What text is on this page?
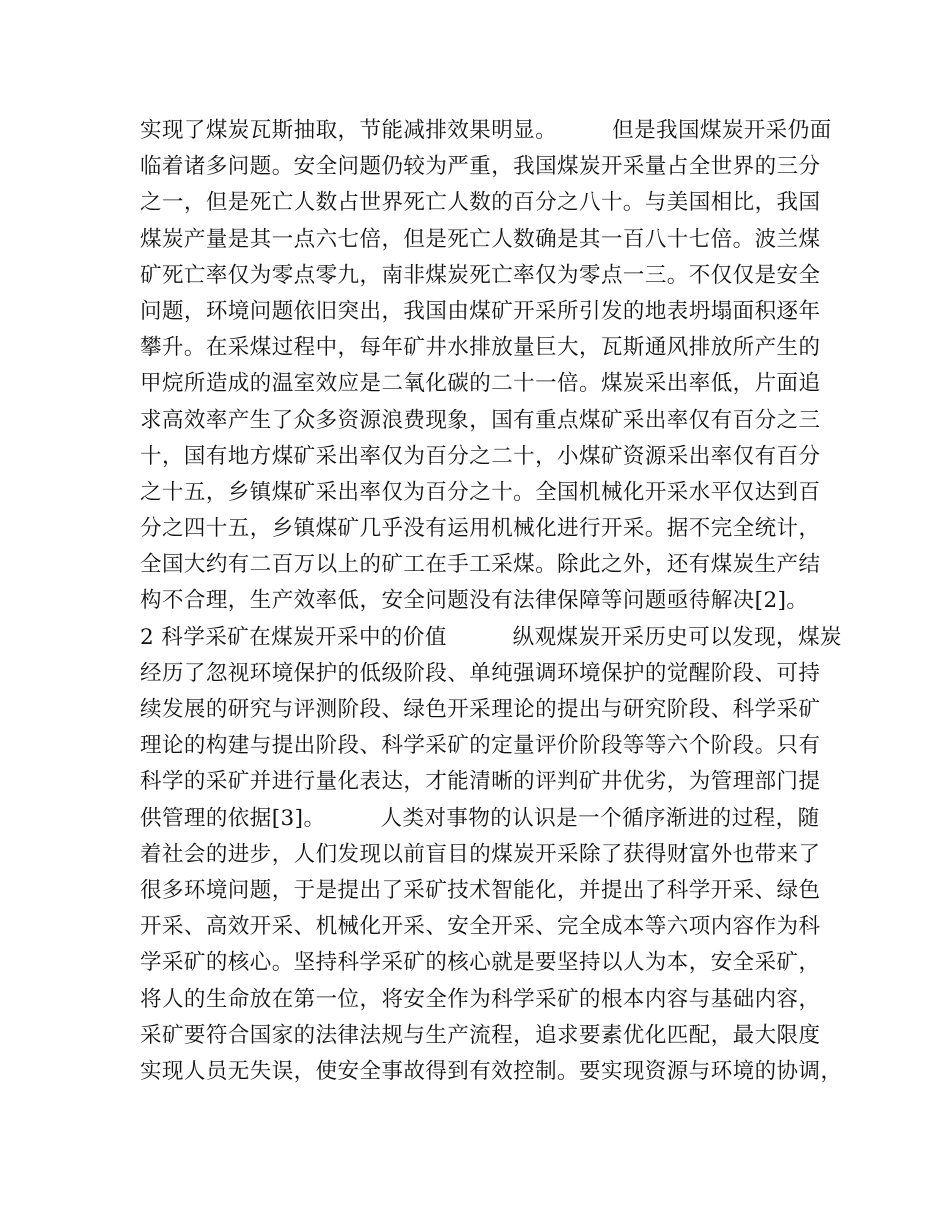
实现了煤炭瓦斯抽取，节能减排效果明显。　　　但是我国煤炭开采仍面
临着诸多问题。安全问题仍较为严重，我国煤炭开采量占全世界的三分
之一，但是死亡人数占世界死亡人数的百分之八十。与美国相比，我国
煤炭产量是其一点六七倍，但是死亡人数确是其一百八十七倍。波兰煤
矿死亡率仅为零点零九，南非煤炭死亡率仅为零点一三。不仅仅是安全
问题，环境问题依旧突出，我国由煤矿开采所引发的地表坍塌面积逐年
攀升。在采煤过程中，每年矿井水排放量巨大，瓦斯通风排放所产生的
甲烷所造成的温室效应是二氧化碳的二十一倍。煤炭采出率低，片面追
求高效率产生了众多资源浪费现象，国有重点煤矿采出率仅有百分之三
十，国有地方煤矿采出率仅为百分之二十，小煤矿资源采出率仅有百分
之十五，乡镇煤矿采出率仅为百分之十。全国机械化开采水平仅达到百
分之四十五，乡镇煤矿几乎没有运用机械化进行开采。据不完全统计，
全国大约有二百万以上的矿工在手工采煤。除此之外，还有煤炭生产结
构不合理，生产效率低，安全问题没有法律保障等问题亟待解决[2]。
2 科学采矿在煤炭开采中的价值　　　纵观煤炭开采历史可以发现，煤炭
经历了忽视环境保护的低级阶段、单纯强调环境保护的觉醒阶段、可持
续发展的研究与评测阶段、绿色开采理论的提出与研究阶段、科学采矿
理论的构建与提出阶段、科学采矿的定量评价阶段等等六个阶段。只有
科学的采矿并进行量化表达，才能清晰的评判矿井优劣，为管理部门提
供管理的依据[3]。　　　人类对事物的认识是一个循序渐进的过程，随
着社会的进步，人们发现以前盲目的煤炭开采除了获得财富外也带来了
很多环境问题，于是提出了采矿技术智能化，并提出了科学开采、绿色
开采、高效开采、机械化开采、安全开采、完全成本等六项内容作为科
学采矿的核心。坚持科学采矿的核心就是要坚持以人为本，安全采矿，
将人的生命放在第一位，将安全作为科学采矿的根本内容与基础内容，
采矿要符合国家的法律法规与生产流程，追求要素优化匹配，最大限度
实现人员无失误，使安全事故得到有效控制。要实现资源与环境的协调，
